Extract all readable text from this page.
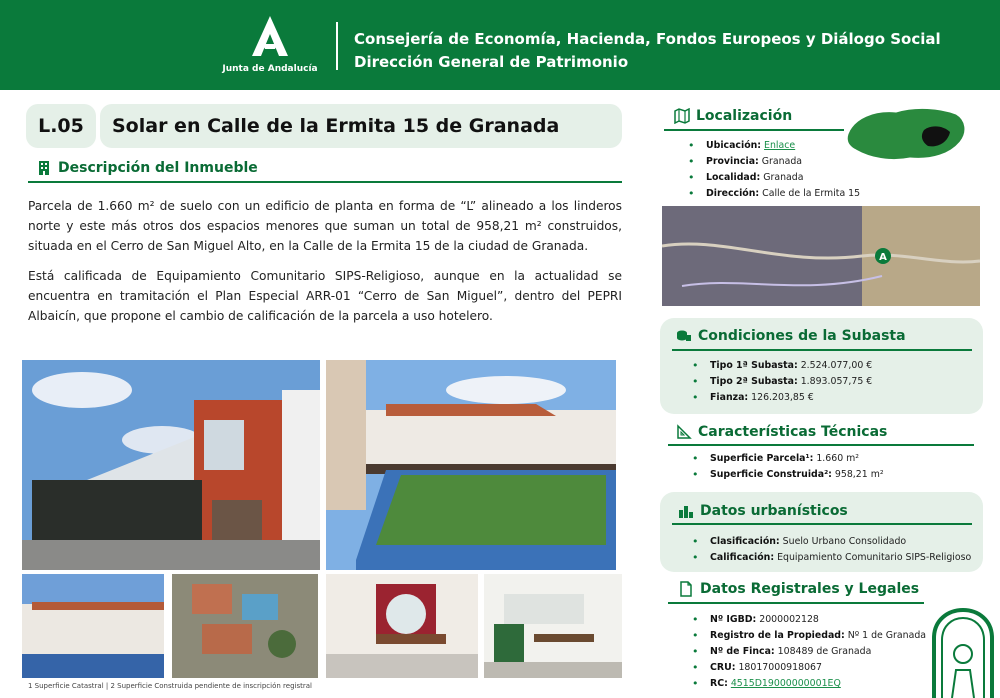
Junta de Andalucía
Consejería de Economía, Hacienda, Fondos Europeos y Diálogo Social
Dirección General de Patrimonio
L.05	Solar en Calle de la Ermita 15 de Granada
Descripción del Inmueble

Parcela de 1.660 m² de suelo con un edificio de planta en forma de “L” alineado a los linderos norte y este más otros dos espacios menores que suman un total de 958,21 m² construidos, situada en el Cerro de San Miguel Alto, en la Calle de la Ermita 15 de la ciudad de Granada.

Está calificada de Equipamiento Comunitario SIPS-Religioso, aunque en la actualidad se encuentra en tramitación el Plan Especial ARR-01 “Cerro de San Miguel”, dentro del PEPRI Albaicín, que propone el cambio de calificación de la parcela a uso hotelero.

1 Superficie Catastral | 2 Superficie Construida pendiente de inscripción registral
Localización
• Ubicación: Enlace
• Provincia: Granada
• Localidad: Granada
• Dirección: Calle de la Ermita 15
A
Condiciones de la Subasta
• Tipo 1ª Subasta: 2.524.077,00 €
• Tipo 2ª Subasta: 1.893.057,75 €
• Fianza: 126.203,85 €
Características Técnicas
• Superficie Parcela¹: 1.660 m²
• Superficie Construida²: 958,21 m²
Datos urbanísticos
• Clasificación: Suelo Urbano Consolidado
• Calificación: Equipamiento Comunitario SIPS-Religioso
Datos Registrales y Legales
• Nº IGBD: 2000002128
• Registro de la Propiedad: Nº 1 de Granada
• Nº de Finca: 108489 de Granada
• CRU: 18017000918067
• RC: 4515D19000000001EQ
